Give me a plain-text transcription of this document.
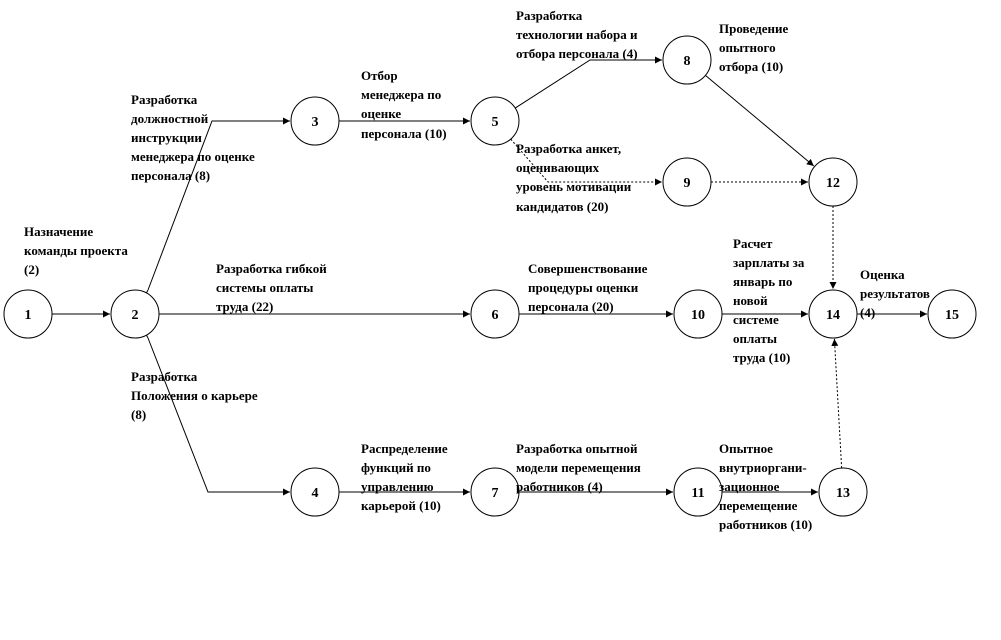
1	2
3
4
5
6
7
8
9
10
11
12
13
14	15
Назначение команды проекта (2)
Разработка должностной инструкции менеджера по оценке персонала (8)
Разработка гибкой системы оплаты труда (22)
Разработка Положения о карьере (8)
Отбор менеджера по оценке персонала (10)
Разработка технологии набора и отбора персонала (4)
Разработка анкет, оценивающих уровень мотивации кандидатов (20)
Совершенствование процедуры оценки персонала (20)
Распределение функций по управлению карьерой (10)
Разработка опытной модели перемещения работников (4)
Проведение опытного отбора (10)
Расчет зарплаты за январь по новой системе оплаты труда (10)
Опытное внутриоргани- зационное перемещение работников (10)
Оценка результатов (4)
